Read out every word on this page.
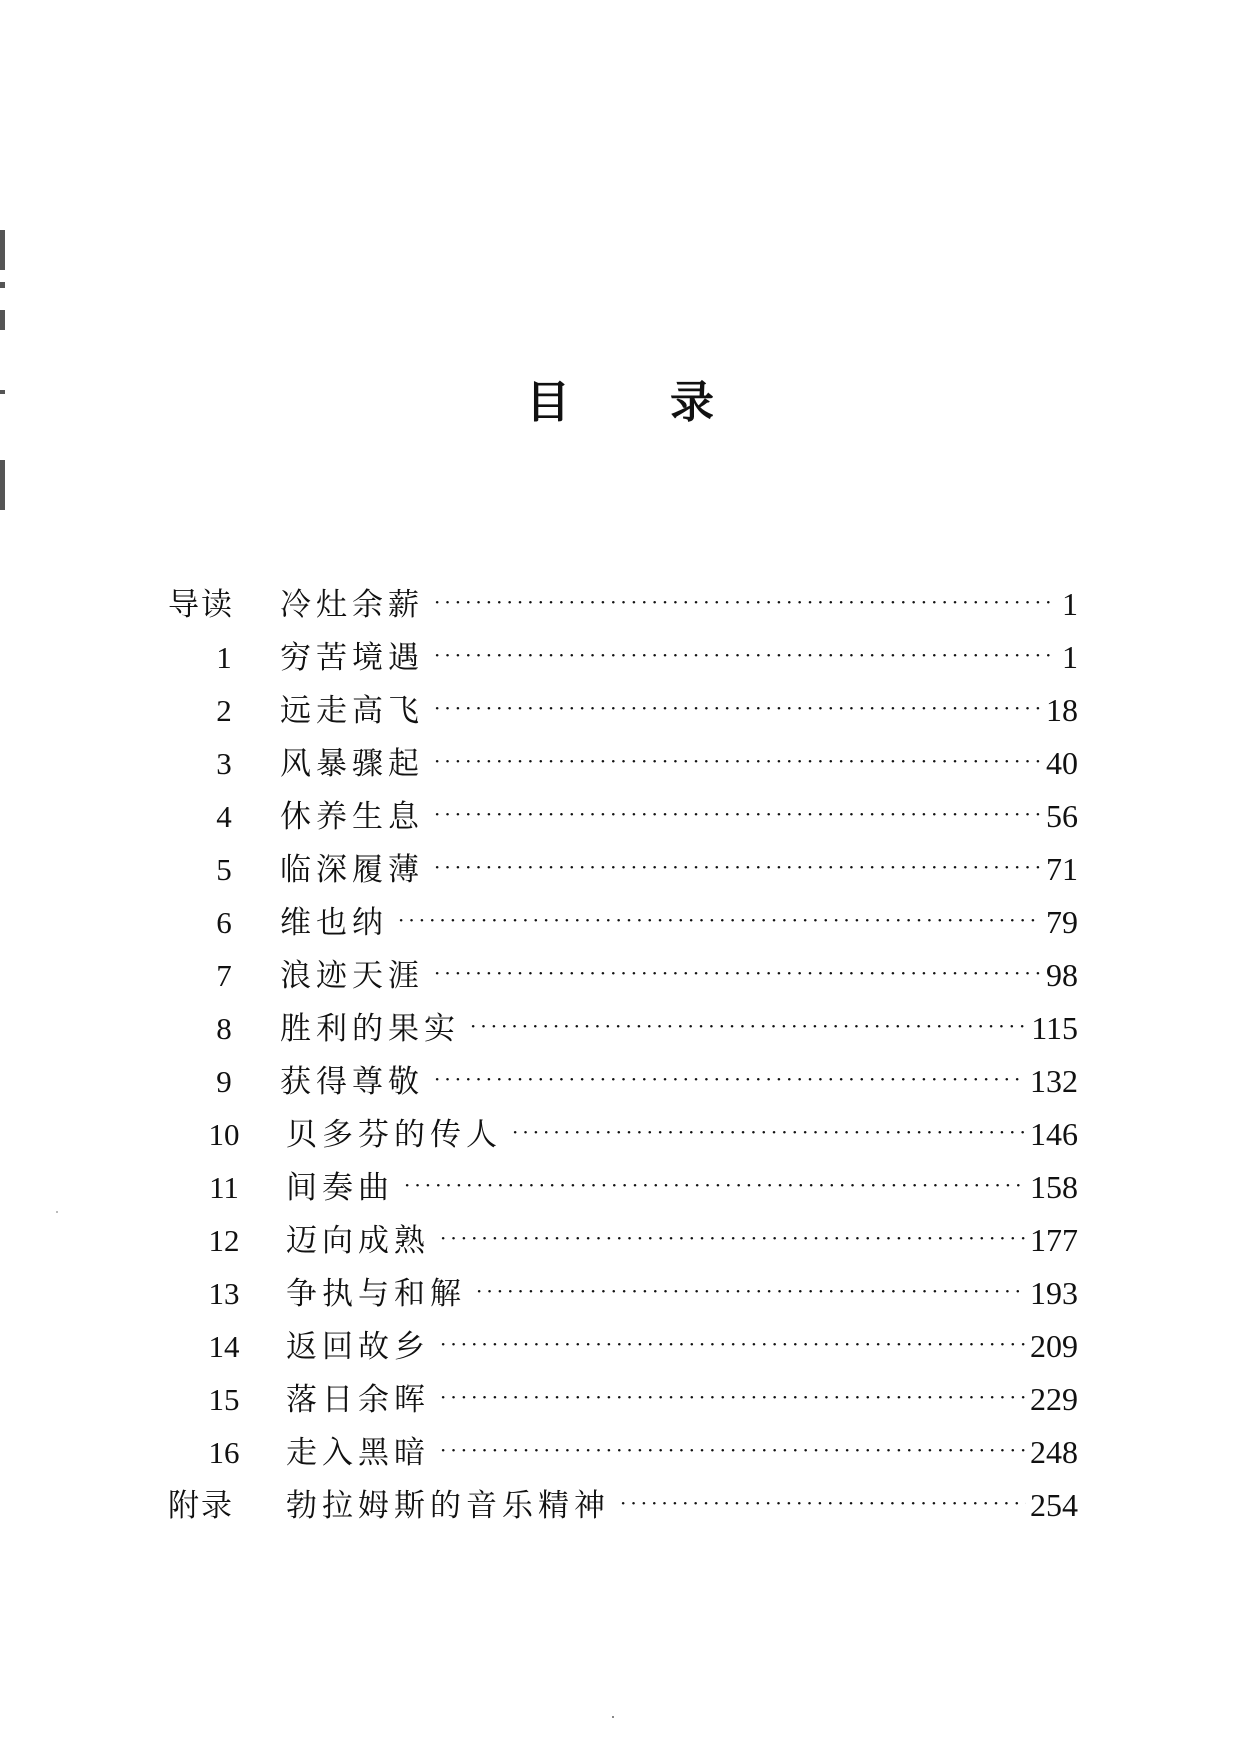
目 录
导读	冷灶余薪 ·····	1
1	穷苦境遇 ·····	1
2	远走高飞 ·····	18
3	风暴骤起 ·····	40
4	休养生息 ·····	56
5	临深履薄 ·····	71
6	维也纳 ·····	79
7	浪迹天涯 ·····	98
8	胜利的果实 ·····	115
9	获得尊敬 ·····	132
10	贝多芬的传人 ·····	146
11	间奏曲 ·····	158
12	迈向成熟 ·····	177
13	争执与和解 ·····	193
14	返回故乡 ·····	209
15	落日余晖 ·····	229
16	走入黑暗 ·····	248
附录	勃拉姆斯的音乐精神 ·····	254
